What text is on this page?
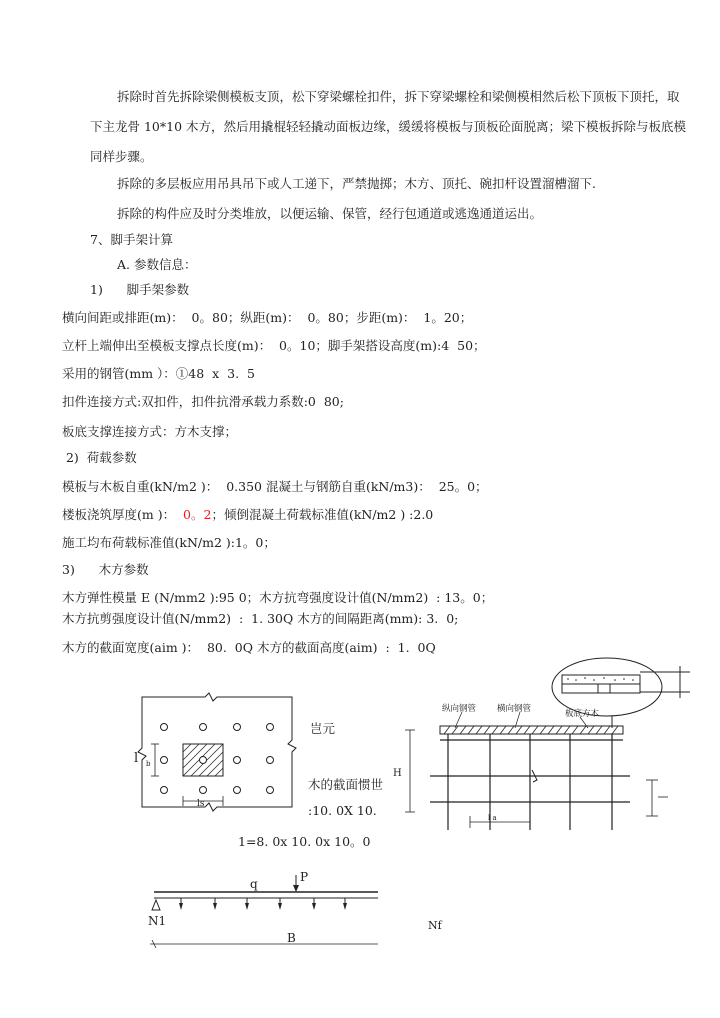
拆除时首先拆除梁侧模板支顶，松下穿梁螺栓扣件，拆下穿梁螺栓和梁侧模相然后松下顶板下顶托，取
下主龙骨 10*10 木方，然后用撬棍轻轻撬动面板边缘，缓缓将模板与顶板砼面脱离；梁下模板拆除与板底模
同样步骤。
拆除的多层板应用吊具吊下或人工递下，严禁抛掷；木方、顶托、碗扣杆设置溜槽溜下.
拆除的构件应及时分类堆放，以便运输、保管，经行包通道或逃逸通道运出。
7、脚手架计算
A. 参数信息：
1)      脚手架参数
横向间距或排距(m)：  0。80；纵距(m)：  0。80；步距(m)：  1。20；
立杆上端伸出至模板支撑点长度(m)：  0。10；脚手架搭设高度(m):4  50；
采用的钢管(mm ）：①48  x  3.  5
扣件连接方式:双扣件，扣件抗滑承载力系数:0  80;
板底支撑连接方式：方木支撑；
2)  荷载参数
模板与木板自重(kN/m2 )：  0.350 混凝土与钢筋自重(kN/m3)：  25。0；
楼板浇筑厚度(m )：  0。2；倾倒混凝土荷载标准值(kN/m2 ) :2.0
施工均布荷载标准值(kN/m2 ):1。0；
3)      木方参数
木方弹性模量 E (N/mm2 ):95 0；木方抗弯强度设计值(N/mm2)  : 13。0；
木方抗剪强度设计值(N/mm2)  :  1. 30Q 木方的间隔距离(mm): 3.  0;
木方的截面宽度(aim )：  80.  0Q 木方的截面高度(aim)  :  1.  0Q
l b
ls
岂元
木的截面惯世
:10. 0X 10.
1=8. 0x 10. 0x 10。0
纵向钢管 横向钢管	板底方木
H
l a
q	P
N1
B
Nf
